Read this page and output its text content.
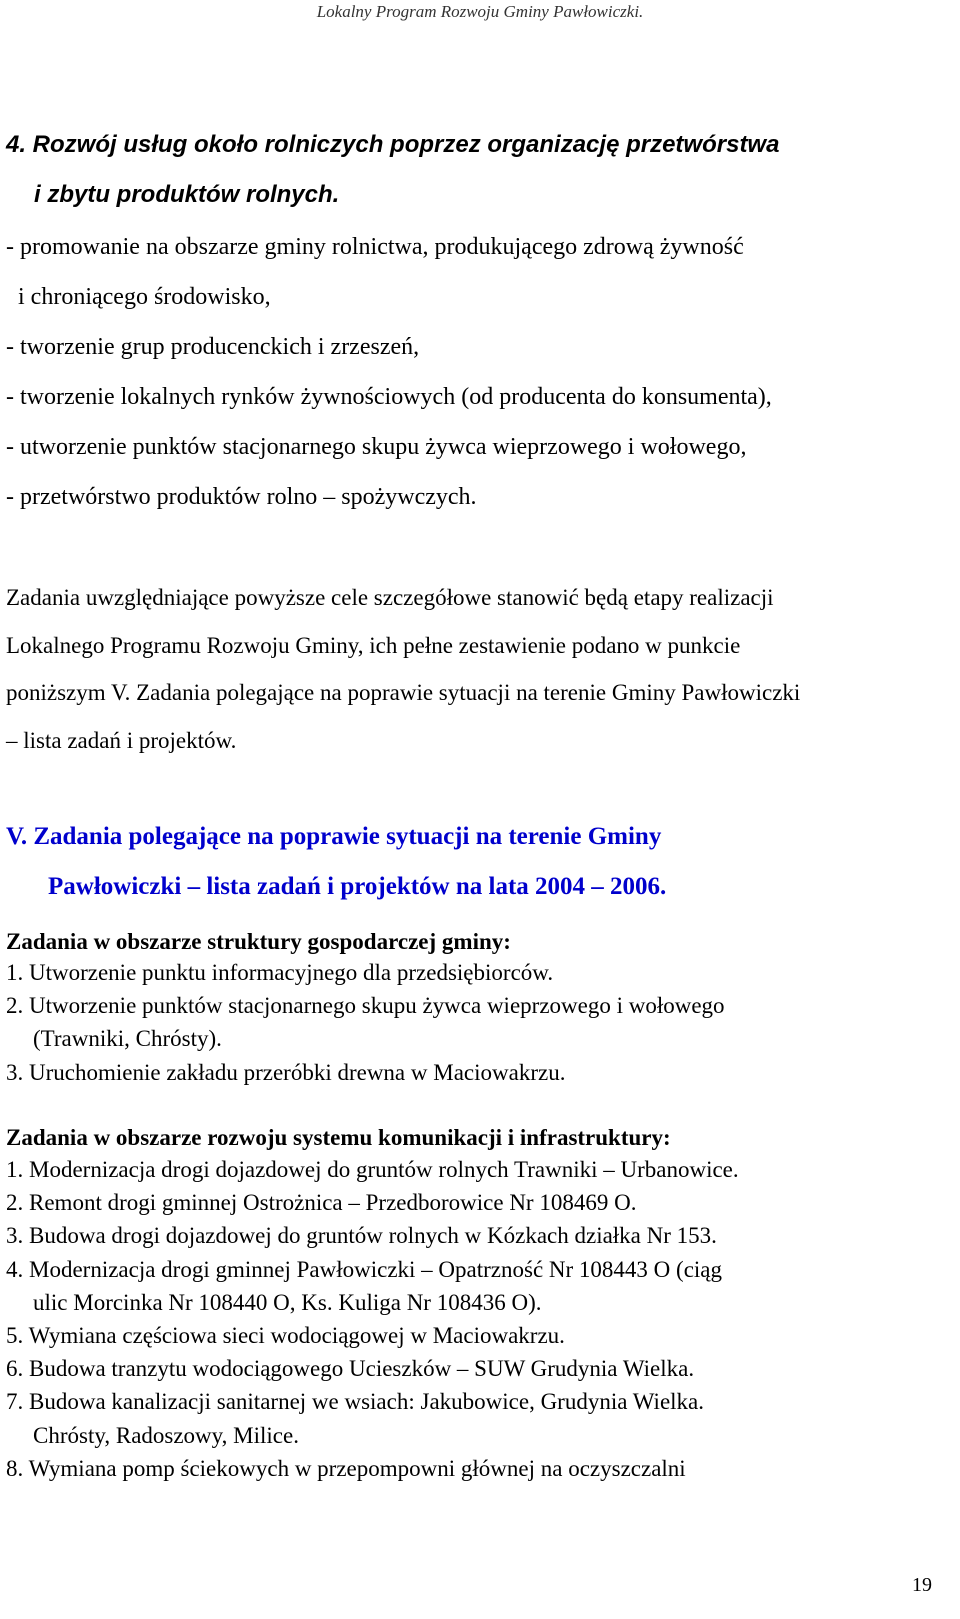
Lokalny Program Rozwoju Gminy Pawłowiczki.
4. Rozwój usług około rolniczych poprzez organizację przetwórstwa
i zbytu produktów rolnych.
- promowanie na obszarze gminy rolnictwa, produkującego zdrową żywność
i chroniącego środowisko,
- tworzenie grup producenckich i zrzeszeń,
- tworzenie lokalnych rynków żywnościowych (od producenta do konsumenta),
- utworzenie punktów stacjonarnego skupu żywca wieprzowego i wołowego,
- przetwórstwo produktów rolno – spożywczych.
Zadania uwzględniające powyższe cele szczegółowe stanowić będą etapy realizacji
Lokalnego Programu Rozwoju Gminy, ich pełne zestawienie podano w punkcie
poniższym V. Zadania polegające na poprawie sytuacji na terenie Gminy Pawłowiczki
– lista zadań i projektów.
V. Zadania polegające na poprawie sytuacji na terenie Gminy
Pawłowiczki – lista zadań i projektów na lata 2004 – 2006.
Zadania w obszarze struktury gospodarczej gminy:
1. Utworzenie punktu informacyjnego dla przedsiębiorców.
2. Utworzenie punktów stacjonarnego skupu żywca wieprzowego i wołowego
(Trawniki, Chrósty).
3. Uruchomienie zakładu przeróbki drewna w Maciowakrzu.
Zadania w obszarze rozwoju systemu komunikacji i infrastruktury:
1. Modernizacja drogi dojazdowej do gruntów rolnych Trawniki – Urbanowice.
2. Remont drogi gminnej Ostrożnica – Przedborowice Nr 108469 O.
3. Budowa drogi dojazdowej do gruntów rolnych w Kózkach działka Nr 153.
4. Modernizacja drogi gminnej Pawłowiczki – Opatrzność Nr 108443 O (ciąg
ulic Morcinka Nr 108440 O, Ks. Kuliga Nr 108436 O).
5. Wymiana częściowa sieci wodociągowej w Maciowakrzu.
6. Budowa tranzytu wodociągowego Ucieszków – SUW Grudynia Wielka.
7. Budowa kanalizacji sanitarnej we wsiach: Jakubowice, Grudynia Wielka.
Chrósty, Radoszowy, Milice.
8. Wymiana pomp ściekowych w przepompowni głównej na oczyszczalni
19
